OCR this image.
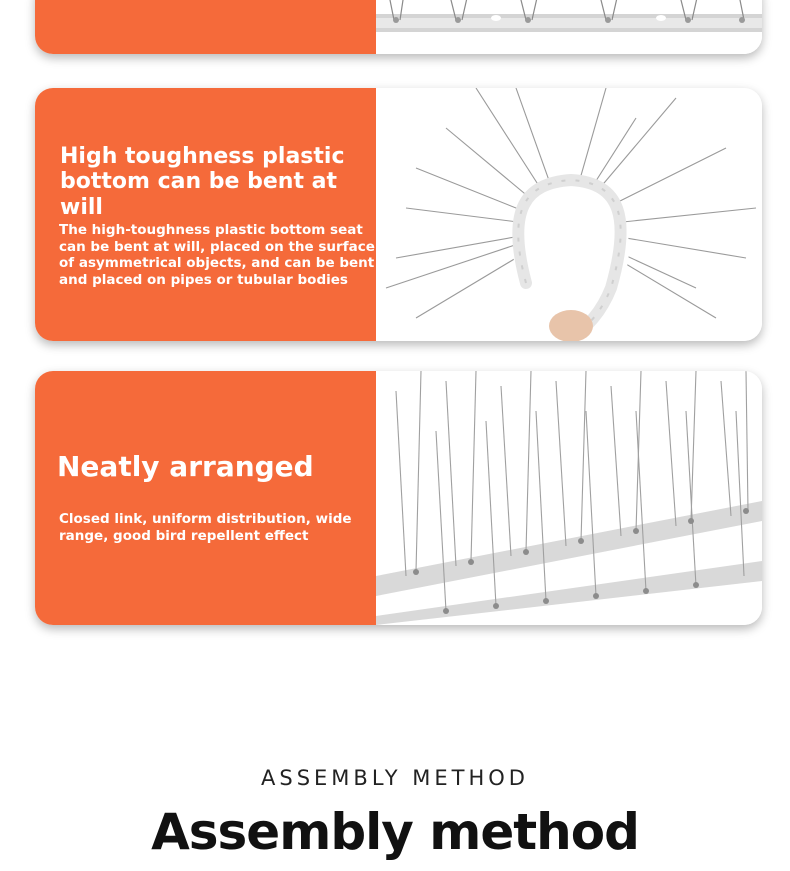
High toughness plastic bottom can be bent at will

The high-toughness plastic bottom seat can be bent at will, placed on the surface of asymmetrical objects, and can be bent and placed on pipes or tubular bodies

Neatly arranged

Closed link, uniform distribution, wide range, good bird repellent effect

ASSEMBLY METHOD

Assembly method
